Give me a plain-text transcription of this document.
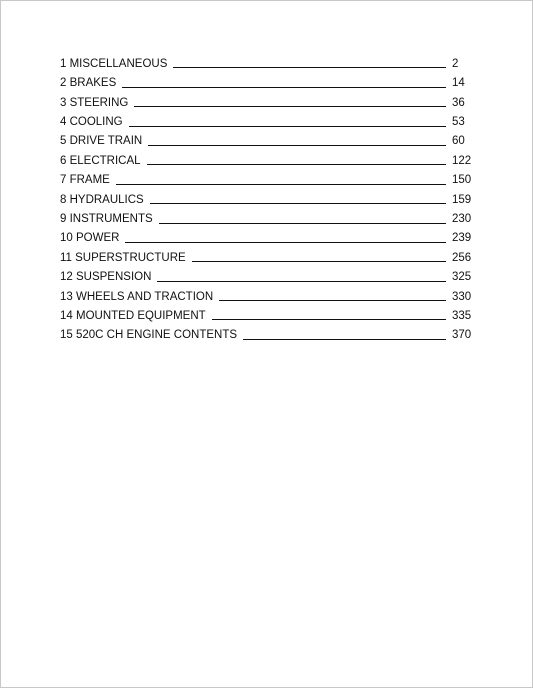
1 MISCELLANEOUS	2
2 BRAKES	14
3 STEERING	36
4 COOLING	53
5 DRIVE TRAIN	60
6 ELECTRICAL	122
7 FRAME	150
8 HYDRAULICS	159
9 INSTRUMENTS	230
10 POWER	239
11 SUPERSTRUCTURE	256
12 SUSPENSION	325
13 WHEELS AND TRACTION	330
14 MOUNTED EQUIPMENT	335
15 520C CH ENGINE CONTENTS	370
